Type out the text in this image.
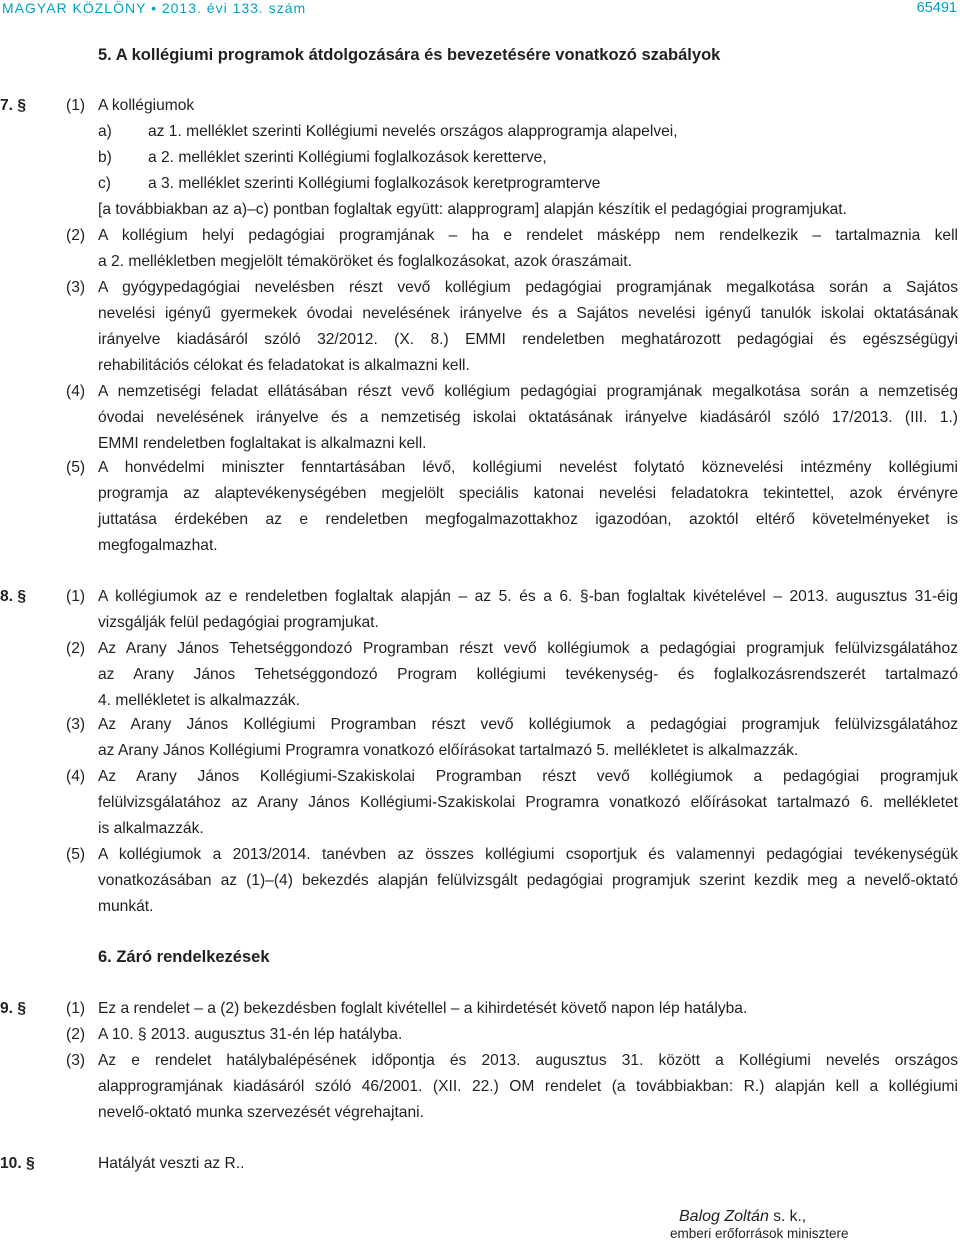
MAGYAR KÖZLÖNY • 2013. évi 133. szám	65491
5. A kollégiumi programok átdolgozására és bevezetésére vonatkozó szabályok
7. §	(1) A kollégiumok
a) az 1. melléklet szerinti Kollégiumi nevelés országos alapprogramja alapelvei,
b) a 2. melléklet szerinti Kollégiumi foglalkozások keretterve,
c) a 3. melléklet szerinti Kollégiumi foglalkozások keretprogramterve
[a továbbiakban az a)–c) pontban foglaltak együtt: alapprogram] alapján készítik el pedagógiai programjukat.
(2) A kollégium helyi pedagógiai programjának – ha e rendelet másképp nem rendelkezik – tartalmaznia kell
a 2. mellékletben megjelölt témaköröket és foglalkozásokat, azok óraszámait.
(3) A gyógypedagógiai nevelésben részt vevő kollégium pedagógiai programjának megalkotása során a Sajátos
nevelési igényű gyermekek óvodai nevelésének irányelve és a Sajátos nevelési igényű tanulók iskolai oktatásának
irányelve kiadásáról szóló 32/2012. (X. 8.) EMMI rendeletben meghatározott pedagógiai és egészségügyi
rehabilitációs célokat és feladatokat is alkalmazni kell.
(4) A nemzetiségi feladat ellátásában részt vevő kollégium pedagógiai programjának megalkotása során a nemzetiség
óvodai nevelésének irányelve és a nemzetiség iskolai oktatásának irányelve kiadásáról szóló 17/2013. (III. 1.)
EMMI rendeletben foglaltakat is alkalmazni kell.
(5) A honvédelmi miniszter fenntartásában lévő, kollégiumi nevelést folytató köznevelési intézmény kollégiumi
programja az alaptevékenységében megjelölt speciális katonai nevelési feladatokra tekintettel, azok érvényre
juttatása érdekében az e rendeletben megfogalmazottakhoz igazodóan, azoktól eltérő követelményeket is
megfogalmazhat.
8. §	(1) A kollégiumok az e rendeletben foglaltak alapján – az 5. és a 6. §-ban foglaltak kivételével – 2013. augusztus 31-éig
vizsgálják felül pedagógiai programjukat.
(2) Az Arany János Tehetséggondozó Programban részt vevő kollégiumok a pedagógiai programjuk felülvizsgálatához
az Arany János Tehetséggondozó Program kollégiumi tevékenység- és foglalkozásrendszerét tartalmazó
4. mellékletet is alkalmazzák.
(3) Az Arany János Kollégiumi Programban részt vevő kollégiumok a pedagógiai programjuk felülvizsgálatához
az Arany János Kollégiumi Programra vonatkozó előírásokat tartalmazó 5. mellékletet is alkalmazzák.
(4) Az Arany János Kollégiumi-Szakiskolai Programban részt vevő kollégiumok a pedagógiai programjuk
felülvizsgálatához az Arany János Kollégiumi-Szakiskolai Programra vonatkozó előírásokat tartalmazó 6. mellékletet
is alkalmazzák.
(5) A kollégiumok a 2013/2014. tanévben az összes kollégiumi csoportjuk és valamennyi pedagógiai tevékenységük
vonatkozásában az (1)–(4) bekezdés alapján felülvizsgált pedagógiai programjuk szerint kezdik meg a nevelő-oktató
munkát.
6. Záró rendelkezések
9. §	(1) Ez a rendelet – a (2) bekezdésben foglalt kivétellel – a kihirdetését követő napon lép hatályba.
(2) A 10. § 2013. augusztus 31-én lép hatályba.
(3) Az e rendelet hatálybalépésének időpontja és 2013. augusztus 31. között a Kollégiumi nevelés országos
alapprogramjának kiadásáról szóló 46/2001. (XII. 22.) OM rendelet (a továbbiakban: R.) alapján kell a kollégiumi
nevelő-oktató munka szervezését végrehajtani.
10. §	Hatályát veszti az R..
Balog Zoltán s. k.,
emberi erőforrások minisztere
